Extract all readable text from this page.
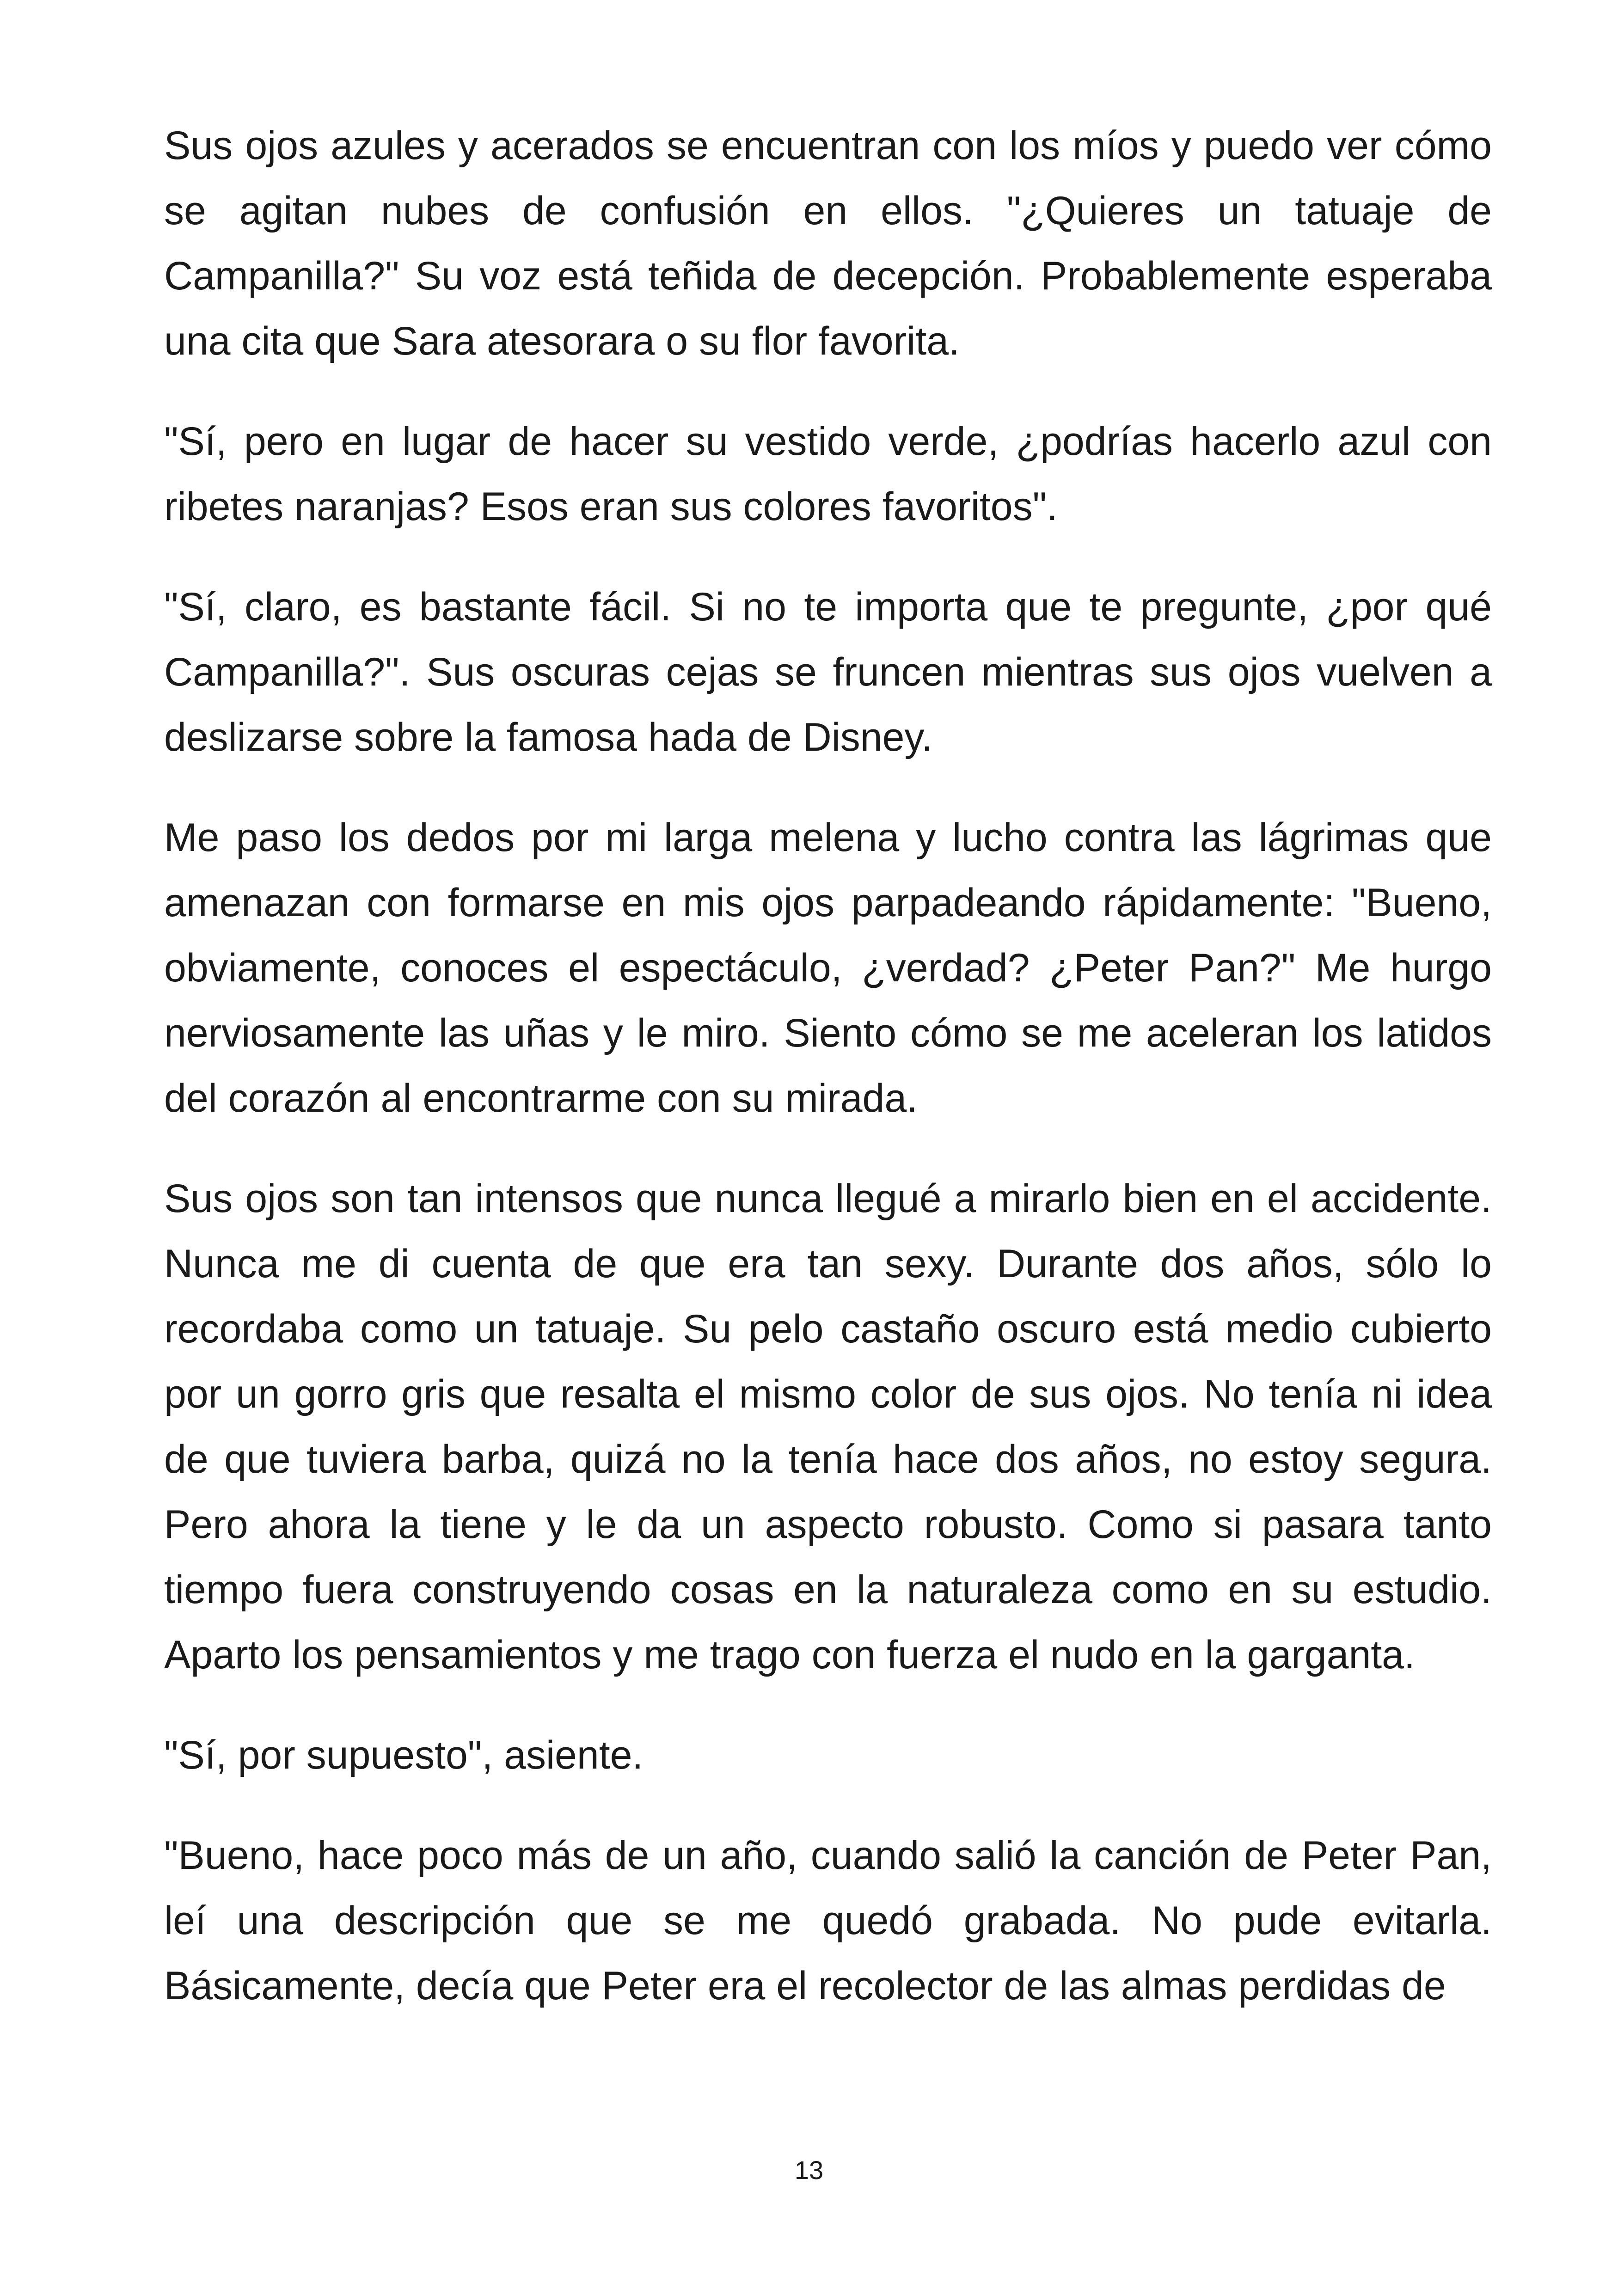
Sus ojos azules y acerados se encuentran con los míos y puedo ver cómo se agitan nubes de confusión en ellos. "¿Quieres un tatuaje de Campanilla?" Su voz está teñida de decepción. Probablemente esperaba una cita que Sara atesorara o su flor favorita.

"Sí, pero en lugar de hacer su vestido verde, ¿podrías hacerlo azul con ribetes naranjas? Esos eran sus colores favoritos".

"Sí, claro, es bastante fácil. Si no te importa que te pregunte, ¿por qué Campanilla?". Sus oscuras cejas se fruncen mientras sus ojos vuelven a deslizarse sobre la famosa hada de Disney.

Me paso los dedos por mi larga melena y lucho contra las lágrimas que amenazan con formarse en mis ojos parpadeando rápidamente: "Bueno, obviamente, conoces el espectáculo, ¿verdad? ¿Peter Pan?" Me hurgo nerviosamente las uñas y le miro. Siento cómo se me aceleran los latidos del corazón al encontrarme con su mirada.

Sus ojos son tan intensos que nunca llegué a mirarlo bien en el accidente. Nunca me di cuenta de que era tan sexy. Durante dos años, sólo lo recordaba como un tatuaje. Su pelo castaño oscuro está medio cubierto por un gorro gris que resalta el mismo color de sus ojos. No tenía ni idea de que tuviera barba, quizá no la tenía hace dos años, no estoy segura. Pero ahora la tiene y le da un aspecto robusto. Como si pasara tanto tiempo fuera construyendo cosas en la naturaleza como en su estudio. Aparto los pensamientos y me trago con fuerza el nudo en la garganta.

"Sí, por supuesto", asiente.

"Bueno, hace poco más de un año, cuando salió la canción de Peter Pan, leí una descripción que se me quedó grabada. No pude evitarla. Básicamente, decía que Peter era el recolector de las almas perdidas de

13
